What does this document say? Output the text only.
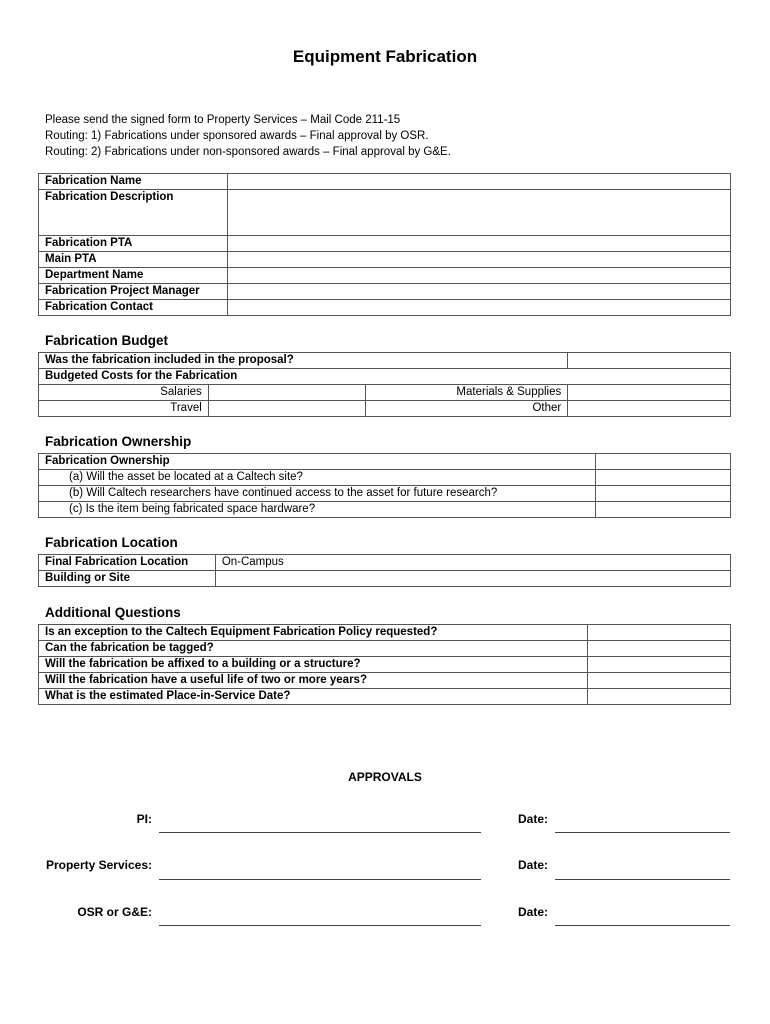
Equipment Fabrication
Please send the signed form to Property Services – Mail Code 211-15
Routing: 1) Fabrications under sponsored awards – Final approval by OSR.
Routing: 2) Fabrications under non-sponsored awards – Final approval by G&E.
Fabrication Name	
Fabrication Description	
Fabrication PTA	
Main PTA	
Department Name	
Fabrication Project Manager	
Fabrication Contact	
Fabrication Budget
Was the fabrication included in the proposal?			
Budgeted Costs for the Fabrication			
Salaries		Materials & Supplies	
Travel		Other	
Fabrication Ownership
Fabrication Ownership	
(a) Will the asset be located at a Caltech site?	
(b) Will Caltech researchers have continued access to the asset for future research?	
(c) Is the item being fabricated space hardware?	
Fabrication Location
Final Fabrication Location	On-Campus
Building or Site	
Additional Questions
Is an exception to the Caltech Equipment Fabrication Policy requested?	
Can the fabrication be tagged?	
Will the fabrication be affixed to a building or a structure?	
Will the fabrication have a useful life of two or more years?	
What is the estimated Place-in-Service Date?	
APPROVALS
PI:	Date:
Property Services:	Date:
OSR or G&E:	Date:
